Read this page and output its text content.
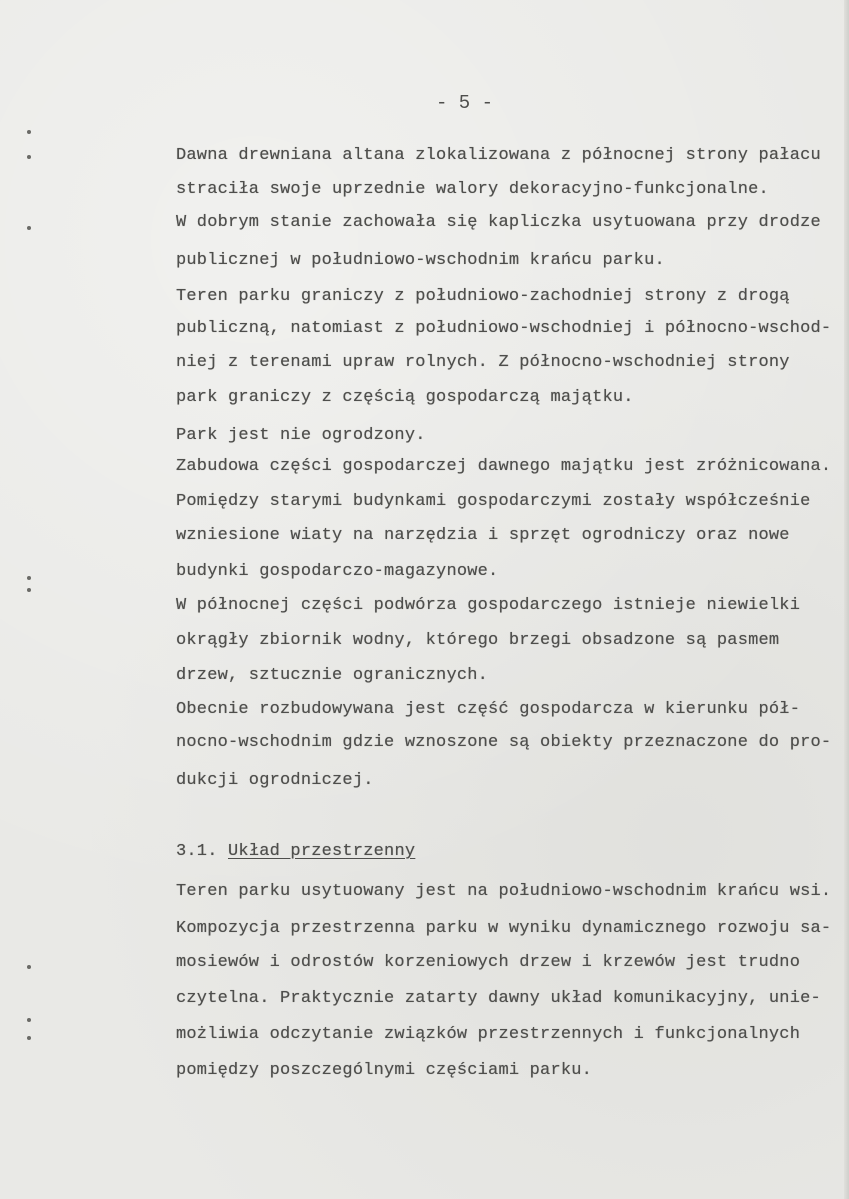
- 5 -
Dawna drewniana altana zlokalizowana z północnej strony pałacu
straciła swoje uprzednie walory dekoracyjno-funkcjonalne.
W dobrym stanie zachowała się kapliczka usytuowana przy drodze
publicznej w południowo-wschodnim krańcu parku.
Teren parku graniczy z południowo-zachodniej strony z drogą
publiczną, natomiast z południowo-wschodniej i północno-wschod-
niej z terenami upraw rolnych. Z północno-wschodniej strony
park graniczy z częścią gospodarczą majątku.
Park jest nie ogrodzony.
Zabudowa części gospodarczej dawnego majątku jest zróżnicowana.
Pomiędzy starymi budynkami gospodarczymi zostały współcześnie
wzniesione wiaty na narzędzia i sprzęt ogrodniczy oraz nowe
budynki gospodarczo-magazynowe.
W północnej części podwórza gospodarczego istnieje niewielki
okrągły zbiornik wodny, którego brzegi obsadzone są pasmem
drzew, sztucznie ogranicznych.
Obecnie rozbudowywana jest część gospodarcza w kierunku pół-
nocno-wschodnim gdzie wznoszone są obiekty przeznaczone do pro-
dukcji ogrodniczej.
3.1. Układ przestrzenny
Teren parku usytuowany jest na południowo-wschodnim krańcu wsi.
Kompozycja przestrzenna parku w wyniku dynamicznego rozwoju sa-
mosiewów i odrostów korzeniowych drzew i krzewów jest trudno
czytelna. Praktycznie zatarty dawny układ komunikacyjny, unie-
możliwia odczytanie związków przestrzennych i funkcjonalnych
pomiędzy poszczególnymi częściami parku.
